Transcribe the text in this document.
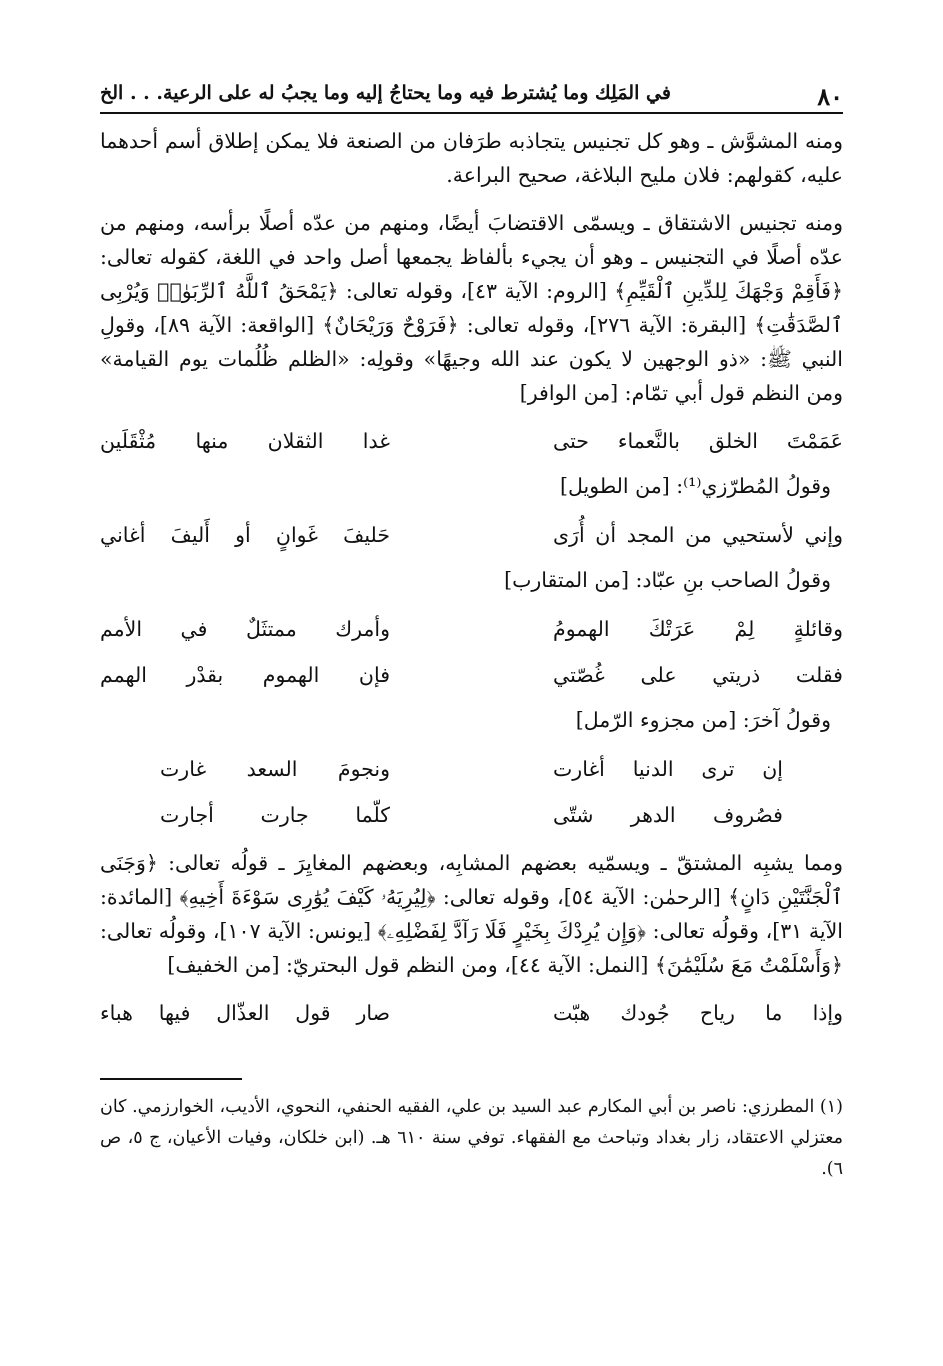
٨٠
في المَلِك وما يُشترط فيه وما يحتاجُ إليه وما يجبُ له على الرعية. . . الخ

ومنه المشوَّش ـ وهو كل تجنيس يتجاذبه طرَفان من الصنعة فلا يمكن إطلاق أسم أحدهما عليه، كقولهم: فلان مليح البلاغة، صحيح البراعة.

ومنه تجنيس الاشتقاق ـ ويسمّى الاقتضابَ أيضًا، ومنهم من عدّه أصلًا برأسه، ومنهم من عدّه أصلًا في التجنيس ـ وهو أن يجيء بألفاظ يجمعها أصل واحد في اللغة، كقوله تعالى: ﴿فَأَقِمْ وَجْهَكَ لِلدِّينِ ٱلْقَيِّمِ﴾ [الروم: الآية ٤٣]، وقوله تعالى: ﴿يَمْحَقُ ٱللَّهُ ٱلرِّبَوٰا۟ وَيُرْبِى ٱلصَّدَقَٰتِ﴾ [البقرة: الآية ٢٧٦]، وقوله تعالى: ﴿فَرَوْحٌ وَرَيْحَانٌ﴾ [الواقعة: الآية ٨٩]، وقولِ النبي ﷺ: «ذو الوجهين لا يكون عند الله وجيهًا» وقولِه: «الظلم ظُلُمات يوم القيامة» ومن النظم قول أبي تمّام: [من الوافر]

عَمَمْتَ الخلق بالنَّعماء حتى
غدا الثقلان منها مُثْقَلَين
وقولُ المُطرّزي⁽¹⁾: [من الطويل]
وإني لأستحيي من المجد أن أُرَى
حَليفَ غَوانٍ أو أَليفَ أغاني
وقولُ الصاحب بنِ عبّاد: [من المتقارب]
وقائلةٍ لِمْ عَرَتْكَ الهمومُ
وأمرك ممتثَلٌ في الأمم
فقلت ذريتي على غُصّتي
فإن الهموم بقدْر الهمم
وقولُ آخرَ: [من مجزوء الرّمل]
إن ترى الدنيا أغارت
ونجومَ السعد غارت
فصُروف الدهر شتّى
كلّما جارت أجارت

ومما يشبِه المشتقّ ـ ويسمّيه بعضهم المشابِه، وبعضهم المغايِرَ ـ قولُه تعالى: ﴿وَجَنَى ٱلْجَنَّتَيْنِ دَانٍ﴾ [الرحمٰن: الآية ٥٤]، وقوله تعالى: ﴿لِيُرِيَهُۥ كَيْفَ يُوَٰرِى سَوْءَةَ أَخِيهِ﴾ [المائدة: الآية ٣١]، وقولُه تعالى: ﴿وَإِن يُرِدْكَ بِخَيْرٍ فَلَا رَآدَّ لِفَضْلِهِۦ﴾ [يونس: الآية ١٠٧]، وقولُه تعالى: ﴿وَأَسْلَمْتُ مَعَ سُلَيْمَٰنَ﴾ [النمل: الآية ٤٤]، ومن النظم قول البحتريّ: [من الخفيف]

وإذا ما رياح جُودك هبّت
صار قول العذّال فيها هباء

(١) المطرزي: ناصر بن أبي المكارم عبد السيد بن علي، الفقيه الحنفي، النحوي، الأديب، الخوارزمي. كان معتزلي الاعتقاد، زار بغداد وتباحث مع الفقهاء. توفي سنة ٦١٠ هـ. (ابن خلكان، وفيات الأعيان، ج ٥، ص ٦).
